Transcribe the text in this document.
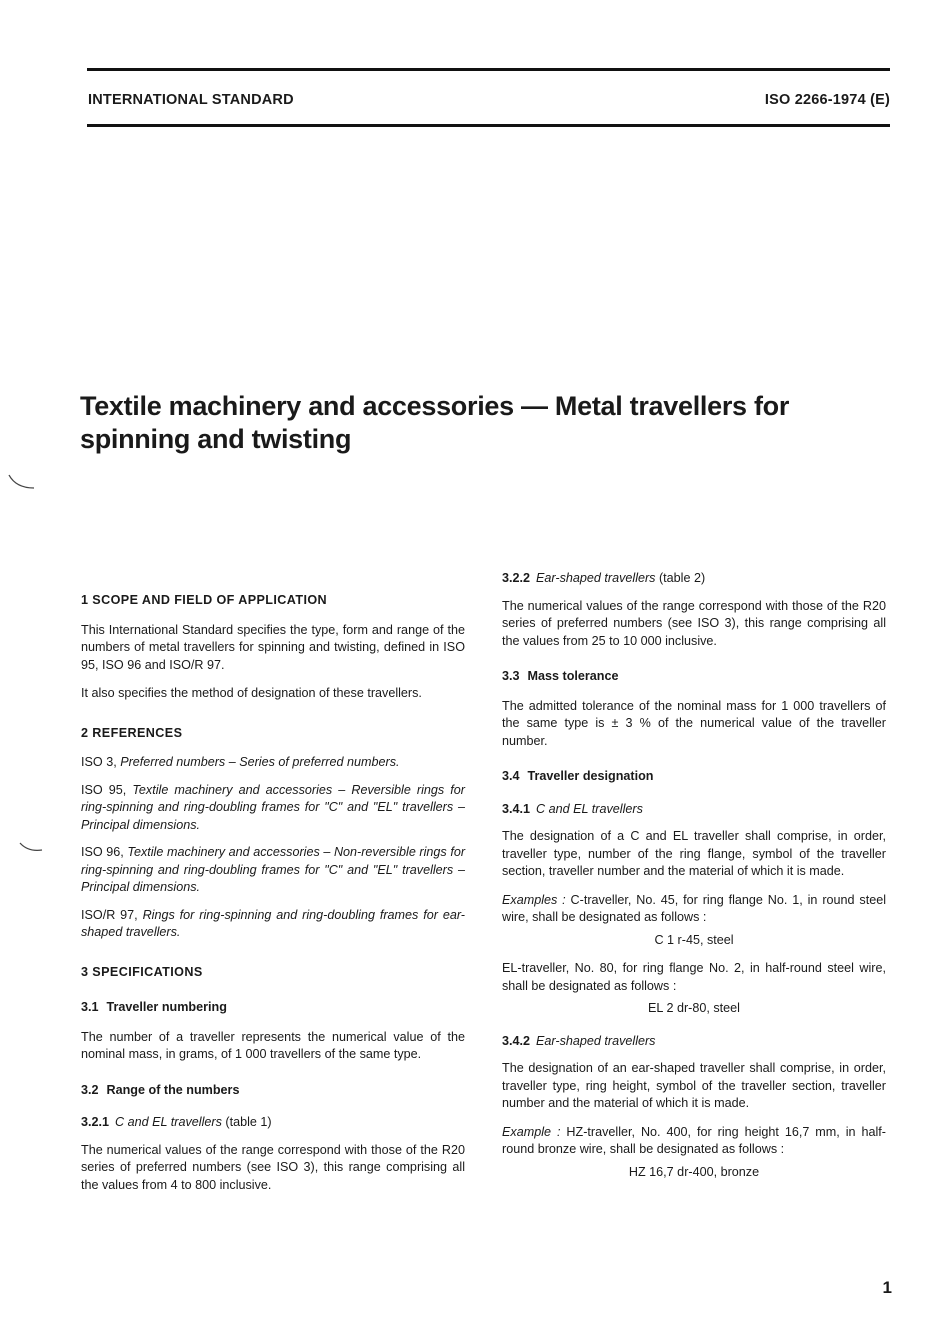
INTERNATIONAL STANDARD	ISO 2266-1974 (E)
Textile machinery and accessories — Metal travellers for spinning and twisting
1 SCOPE AND FIELD OF APPLICATION

This International Standard specifies the type, form and range of the numbers of metal travellers for spinning and twisting, defined in ISO 95, ISO 96 and ISO/R 97.

It also specifies the method of designation of these travellers.

2 REFERENCES

ISO 3, Preferred numbers – Series of preferred numbers.

ISO 95, Textile machinery and accessories – Reversible rings for ring-spinning and ring-doubling frames for "C" and "EL" travellers – Principal dimensions.

ISO 96, Textile machinery and accessories – Non-reversible rings for ring-spinning and ring-doubling frames for "C" and "EL" travellers – Principal dimensions.

ISO/R 97, Rings for ring-spinning and ring-doubling frames for ear-shaped travellers.

3 SPECIFICATIONS
3.1 Traveller numbering

The number of a traveller represents the numerical value of the nominal mass, in grams, of 1 000 travellers of the same type.

3.2 Range of the numbers
3.2.1 C and EL travellers (table 1)

The numerical values of the range correspond with those of the R20 series of preferred numbers (see ISO 3), this range comprising all the values from 4 to 800 inclusive.

3.2.2 Ear-shaped travellers (table 2)

The numerical values of the range correspond with those of the R20 series of preferred numbers (see ISO 3), this range comprising all the values from 25 to 10 000 inclusive.

3.3 Mass tolerance

The admitted tolerance of the nominal mass for 1 000 travellers of the same type is ± 3 % of the numerical value of the traveller number.

3.4 Traveller designation
3.4.1 C and EL travellers

The designation of a C and EL traveller shall comprise, in order, traveller type, number of the ring flange, symbol of the traveller section, traveller number and the material of which it is made.

Examples : C-traveller, No. 45, for ring flange No. 1, in round steel wire, shall be designated as follows :

C 1 r-45, steel

EL-traveller, No. 80, for ring flange No. 2, in half-round steel wire, shall be designated as follows :

EL 2 dr-80, steel

3.4.2 Ear-shaped travellers

The designation of an ear-shaped traveller shall comprise, in order, traveller type, ring height, symbol of the traveller section, traveller number and the material of which it is made.

Example : HZ-traveller, No. 400, for ring height 16,7 mm, in half-round bronze wire, shall be designated as follows :

HZ 16,7 dr-400, bronze

1
